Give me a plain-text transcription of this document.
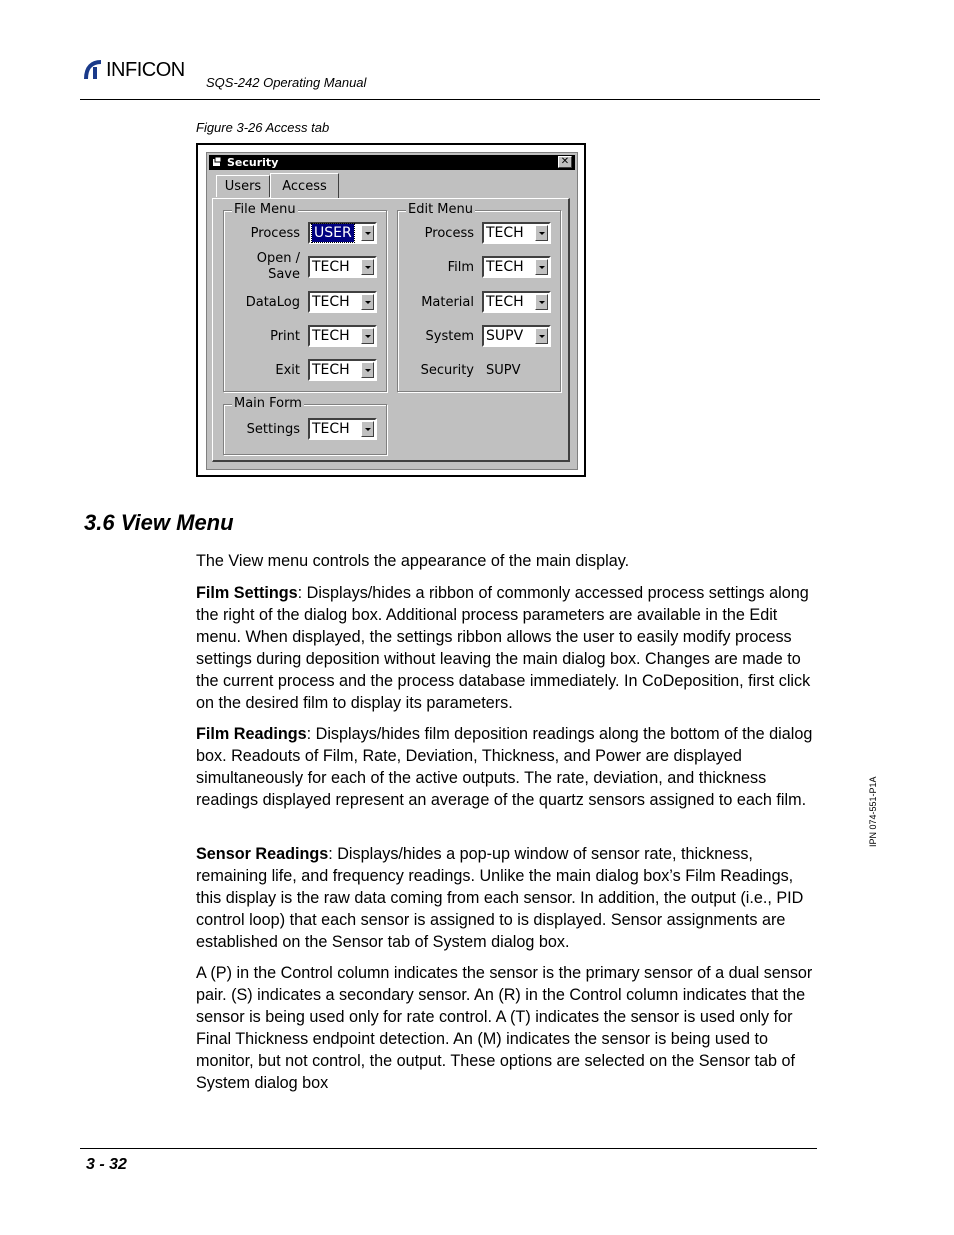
INFICON
SQS-242 Operating Manual
Figure 3-26 Access tab
Security	✕
Users	Access
File Menu
Process	USER
Open /
Save TECH
DataLog TECH
Print TECH
Exit TECH
Edit Menu
Process TECH
Film TECH
Material TECH
System SUPV
Security SUPV
Main Form
Settings TECH
3.6 View Menu
The View menu controls the appearance of the main display.
Film Settings: Displays/hides a ribbon of commonly accessed process settings along the right of the dialog box. Additional process parameters are available in the Edit menu. When displayed, the settings ribbon allows the user to easily modify process settings during deposition without leaving the main dialog box. Changes are made to the current process and the process database immediately. In CoDeposition, first click on the desired film to display its parameters.
Film Readings: Displays/hides film deposition readings along the bottom of the dialog box. Readouts of Film, Rate, Deviation, Thickness, and Power are displayed simultaneously for each of the active outputs. The rate, deviation, and thickness readings displayed represent an average of the quartz sensors assigned to each film.
Sensor Readings: Displays/hides a pop-up window of sensor rate, thickness, remaining life, and frequency readings. Unlike the main dialog box’s Film Readings, this display is the raw data coming from each sensor. In addition, the output (i.e., PID control loop) that each sensor is assigned to is displayed. Sensor assignments are established on the Sensor tab of System dialog box.
A (P) in the Control column indicates the sensor is the primary sensor of a dual sensor pair. (S) indicates a secondary sensor. An (R) in the Control column indicates that the sensor is being used only for rate control. A (T) indicates the sensor is used only for Final Thickness endpoint detection. An (M) indicates the sensor is being used to monitor, but not control, the output. These options are selected on the Sensor tab of System dialog box
IPN 074-551-P1A
3 - 32
